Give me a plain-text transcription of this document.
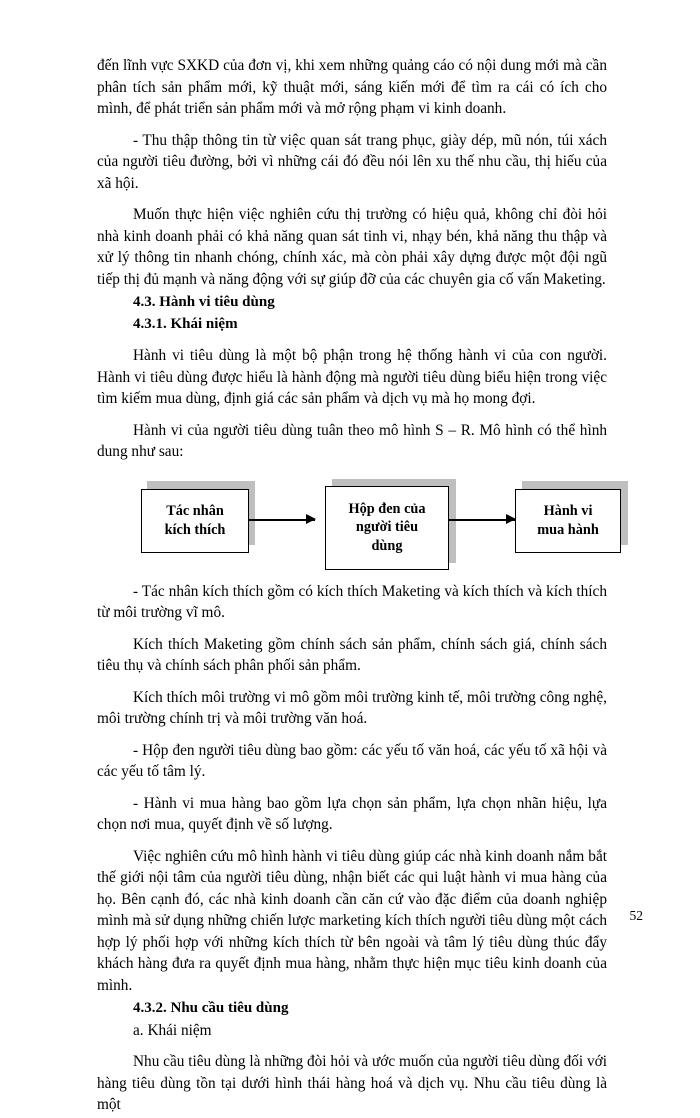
đến lĩnh vực SXKD của đơn vị, khi xem những quảng cáo có nội dung mới mà cần phân tích sản phẩm mới, kỹ thuật mới, sáng kiến mới để tìm ra cái có ích cho mình, để phát triển sản phẩm mới và mở rộng phạm vi kinh doanh.

- Thu thập thông tin từ việc quan sát trang phục, giày dép, mũ nón, túi xách của người tiêu đường, bởi vì những cái đó đều nói lên xu thế nhu cầu, thị hiếu của xã hội.

Muốn thực hiện việc nghiên cứu thị trường có hiệu quả, không chỉ đòi hỏi nhà kinh doanh phải có khả năng quan sát tinh vi, nhạy bén, khả năng thu thập và xử lý thông tin nhanh chóng, chính xác, mà còn phải xây dựng được một đội ngũ tiếp thị đủ mạnh và năng động với sự giúp đỡ của các chuyên gia cố vấn Maketing.

4.3. Hành vi tiêu dùng
4.3.1. Khái niệm

Hành vi tiêu dùng là một bộ phận trong hệ thống hành vi của con người. Hành vi tiêu dùng được hiểu là hành động mà người tiêu dùng biểu hiện trong việc tìm kiếm mua dùng, định giá các sản phẩm và dịch vụ mà họ mong đợi.

Hành vi của người tiêu dùng tuân theo mô hình S – R. Mô hình có thể hình dung như sau:

Tác nhân
kích thích
Hộp đen của
người tiêu
dùng
Hành vi
mua hành

- Tác nhân kích thích gồm có kích thích Maketing và kích thích và kích thích từ môi trường vĩ mô.

Kích thích Maketing gồm chính sách sản phẩm, chính sách giá, chính sách tiêu thụ và chính sách phân phối sản phẩm.

Kích thích môi trường vi mô gồm môi trường kinh tế, môi trường công nghệ, môi trường chính trị và môi trường văn hoá.

- Hộp đen người tiêu dùng bao gồm: các yếu tố văn hoá, các yếu tố xã hội và các yếu tố tâm lý.

- Hành vi mua hàng bao gồm lựa chọn sản phẩm, lựa chọn nhãn hiệu, lựa chọn nơi mua, quyết định về số lượng.

Việc nghiên cứu mô hình hành vi tiêu dùng giúp các nhà kinh doanh nắm bắt thế giới nội tâm của người tiêu dùng, nhận biết các qui luật hành vi mua hàng của họ. Bên cạnh đó, các nhà kinh doanh cần căn cứ vào đặc điểm của doanh nghiệp mình mà sử dụng những chiến lược marketing kích thích người tiêu dùng một cách hợp lý phối hợp với những kích thích từ bên ngoài và tâm lý tiêu dùng thúc đẩy khách hàng đưa ra quyết định mua hàng, nhằm thực hiện mục tiêu kinh doanh của mình.

4.3.2. Nhu cầu tiêu dùng

a. Khái niệm

Nhu cầu tiêu dùng là những đòi hỏi và ước muốn của người tiêu dùng đối với hàng tiêu dùng tồn tại dưới hình thái hàng hoá và dịch vụ. Nhu cầu tiêu dùng là một

52
